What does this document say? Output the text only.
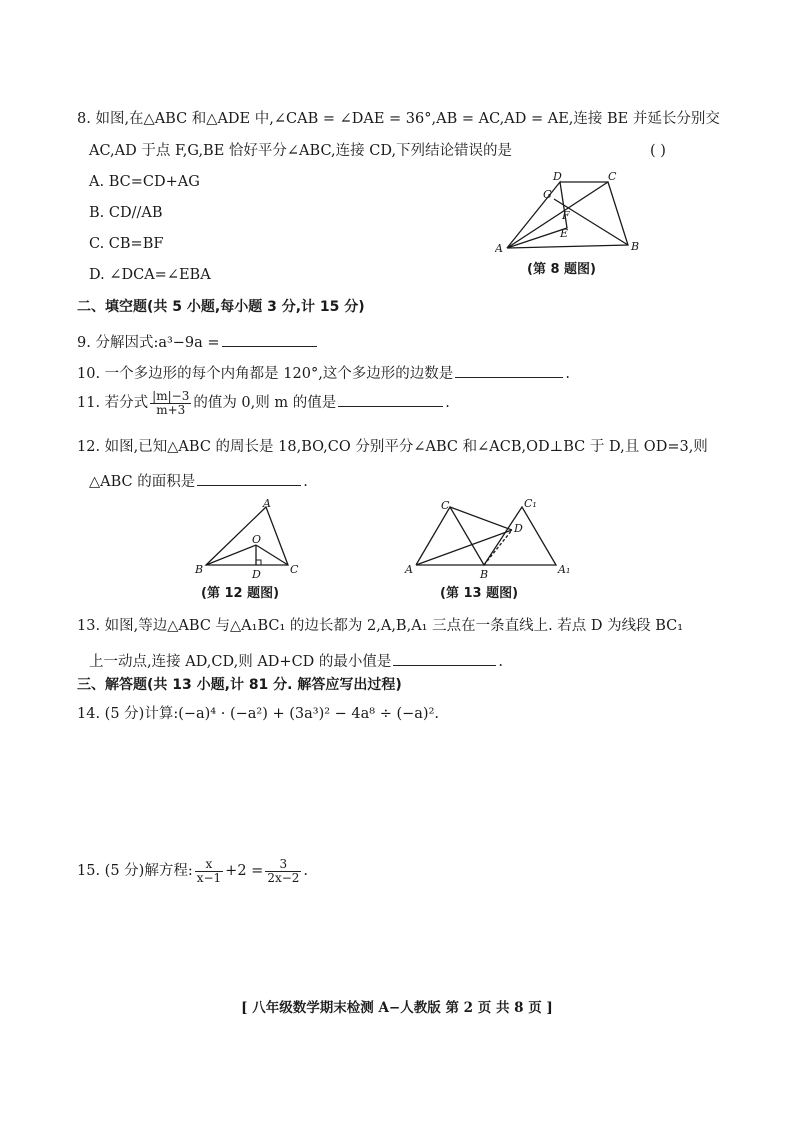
8. 如图,在△ABC 和△ADE 中,∠CAB = ∠DAE = 36°,AB = AC,AD = AE,连接 BE 并延长分别交
AC,AD 于点 F,G,BE 恰好平分∠ABC,连接 CD,下列结论错误的是	( )
A. BC=CD+AG
B. CD//AB
C. CB=BF
D. ∠DCA=∠EBA
A	B
C
D
E
F
G
(第 8 题图)
二、填空题(共 5 小题,每小题 3 分,计 15 分)
9. 分解因式:a³−9a =
10. 一个多边形的每个内角都是 120°,这个多边形的边数是	.
11. 若分式 $\frac{|m|-3}{m+3}$ 的值为 0,则 m 的值是	.
12. 如图,已知△ABC 的周长是 18,BO,CO 分别平分∠ABC 和∠ACB,OD⊥BC 于 D,且 OD=3,则
△ABC 的面积是	.
A
B	C
O
D
(第 12 题图)
A	B	A₁
C	C₁
D
(第 13 题图)
13. 如图,等边△ABC 与△A₁BC₁ 的边长都为 2,A,B,A₁ 三点在一条直线上. 若点 D 为线段 BC₁
上一动点,连接 AD,CD,则 AD+CD 的最小值是	.
三、解答题(共 13 小题,计 81 分. 解答应写出过程)
14. (5 分)计算:(−a)⁴ · (−a²) + (3a³)² − 4a⁸ ÷ (−a)².
15. (5 分)解方程: $\frac{x}{x-1} +2 = \frac{3}{2x-2}$ .
[ 八年级数学期末检测 A−人教版 第 2 页 共 8 页 ]
